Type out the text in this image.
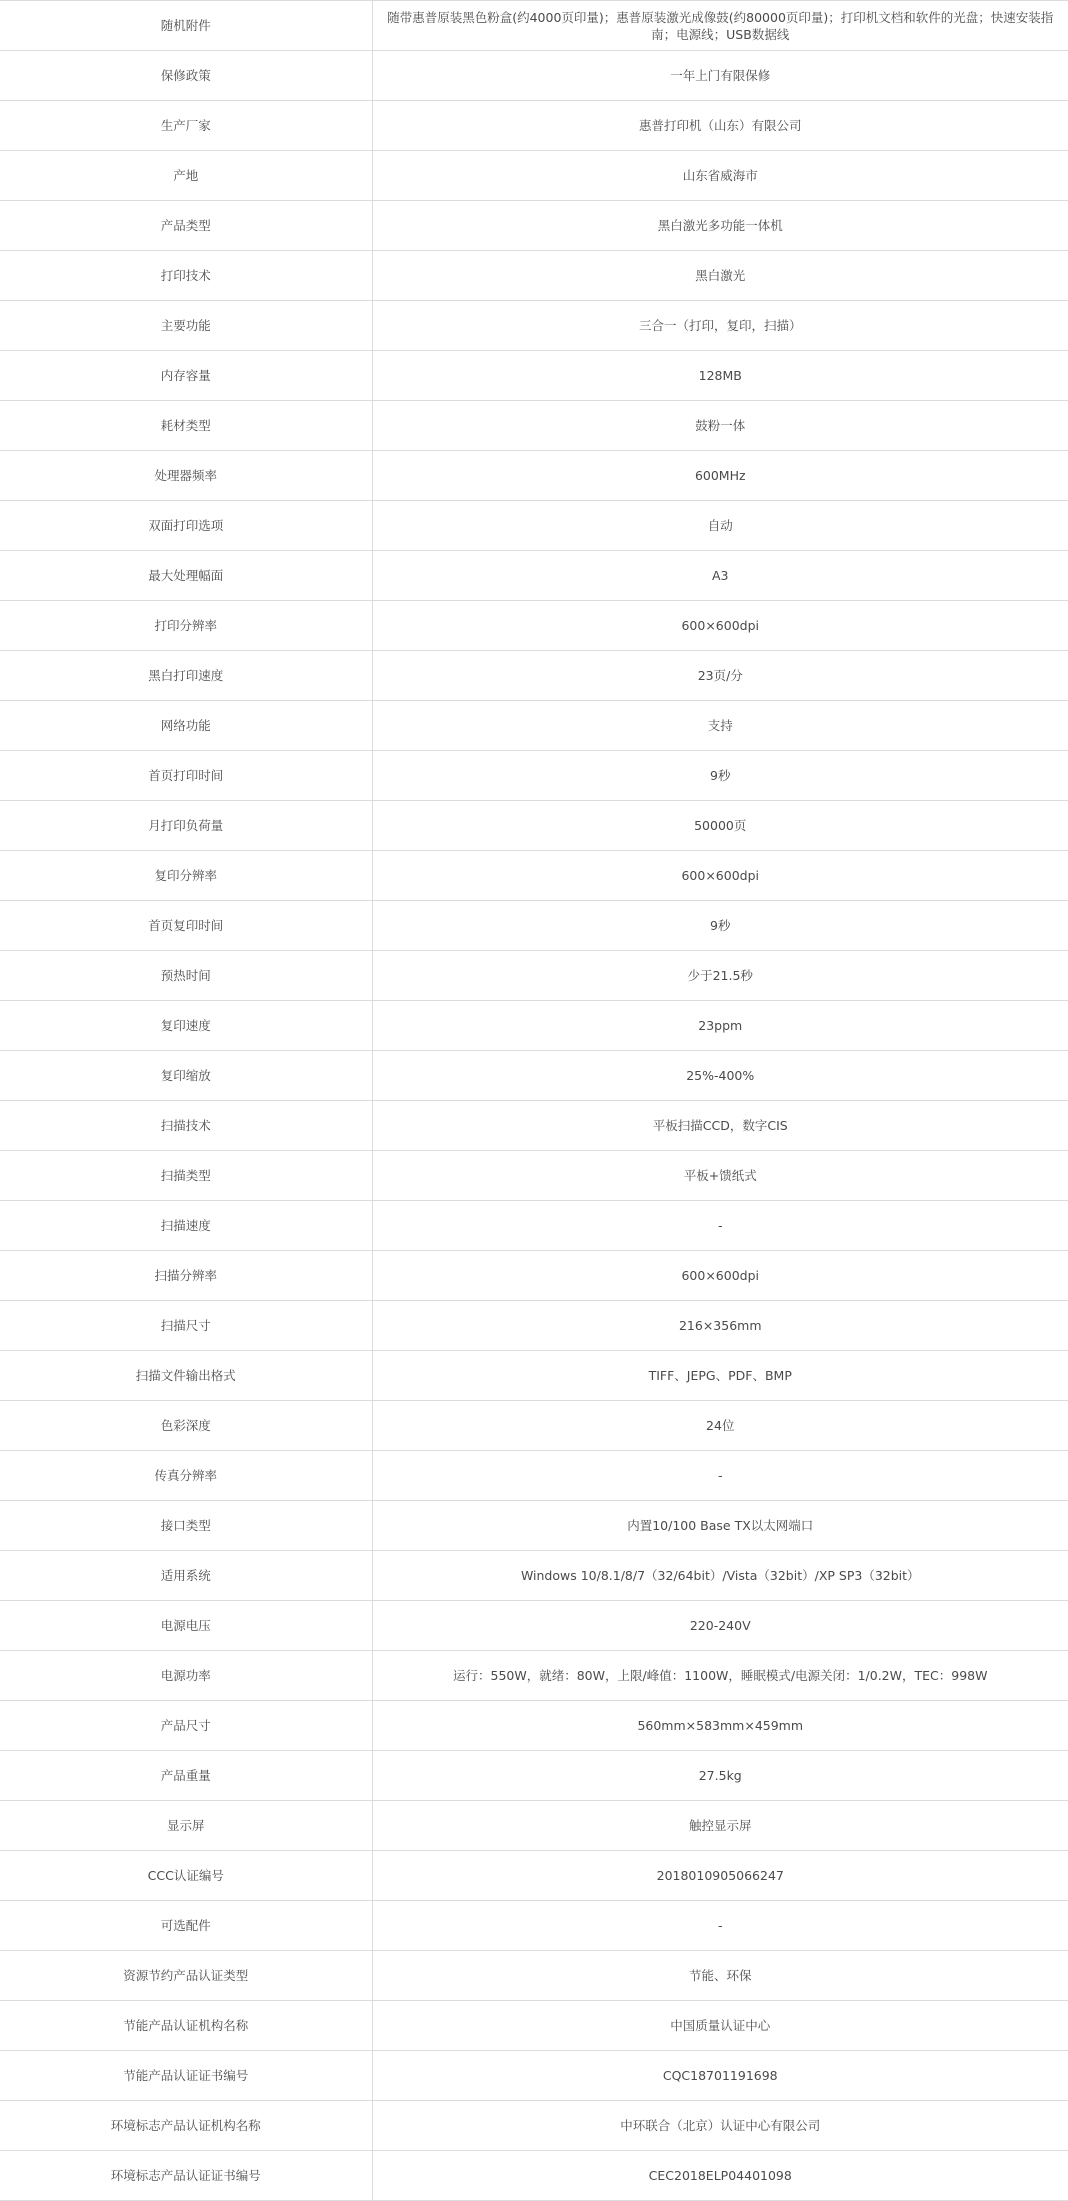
随机附件	随带惠普原装黑色粉盒(约4000页印量)；惠普原装激光成像鼓(约80000页印量)；打印机文档和软件的光盘；快速安装指南；电源线；USB数据线
保修政策	一年上门有限保修
生产厂家	惠普打印机（山东）有限公司
产地	山东省威海市
产品类型	黑白激光多功能一体机
打印技术	黑白激光
主要功能	三合一（打印，复印，扫描）
内存容量	128MB
耗材类型	鼓粉一体
处理器频率	600MHz
双面打印选项	自动
最大处理幅面	A3
打印分辨率	600×600dpi
黑白打印速度	23页/分
网络功能	支持
首页打印时间	9秒
月打印负荷量	50000页
复印分辨率	600×600dpi
首页复印时间	9秒
预热时间	少于21.5秒
复印速度	23ppm
复印缩放	25%-400%
扫描技术	平板扫描CCD，数字CIS
扫描类型	平板+馈纸式
扫描速度	-
扫描分辨率	600×600dpi
扫描尺寸	216×356mm
扫描文件输出格式	TIFF、JEPG、PDF、BMP
色彩深度	24位
传真分辨率	-
接口类型	内置10/100 Base TX以太网端口
适用系统	Windows 10/8.1/8/7（32/64bit）/Vista（32bit）/XP SP3（32bit）
电源电压	220-240V
电源功率	运行：550W，就绪：80W，上限/峰值：1100W，睡眠模式/电源关闭：1/0.2W，TEC：998W
产品尺寸	560mm×583mm×459mm
产品重量	27.5kg
显示屏	触控显示屏
CCC认证编号	2018010905066247
可选配件	-
资源节约产品认证类型	节能、环保
节能产品认证机构名称	中国质量认证中心
节能产品认证证书编号	CQC18701191698
环境标志产品认证机构名称	中环联合（北京）认证中心有限公司
环境标志产品认证证书编号	CEC2018ELP04401098
